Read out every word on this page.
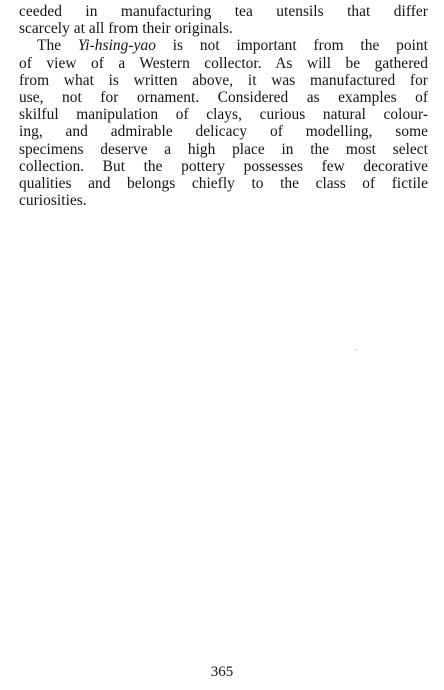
ceeded in manufacturing tea utensils that differ
scarcely at all from their originals.
The Yi-hsing-yao is not important from the point
of view of a Western collector. As will be gathered
from what is written above, it was manufactured for
use, not for ornament. Considered as examples of
skilful manipulation of clays, curious natural colour-
ing, and admirable delicacy of modelling, some
specimens deserve a high place in the most select
collection. But the pottery possesses few decorative
qualities and belongs chiefly to the class of fictile
curiosities.
365
